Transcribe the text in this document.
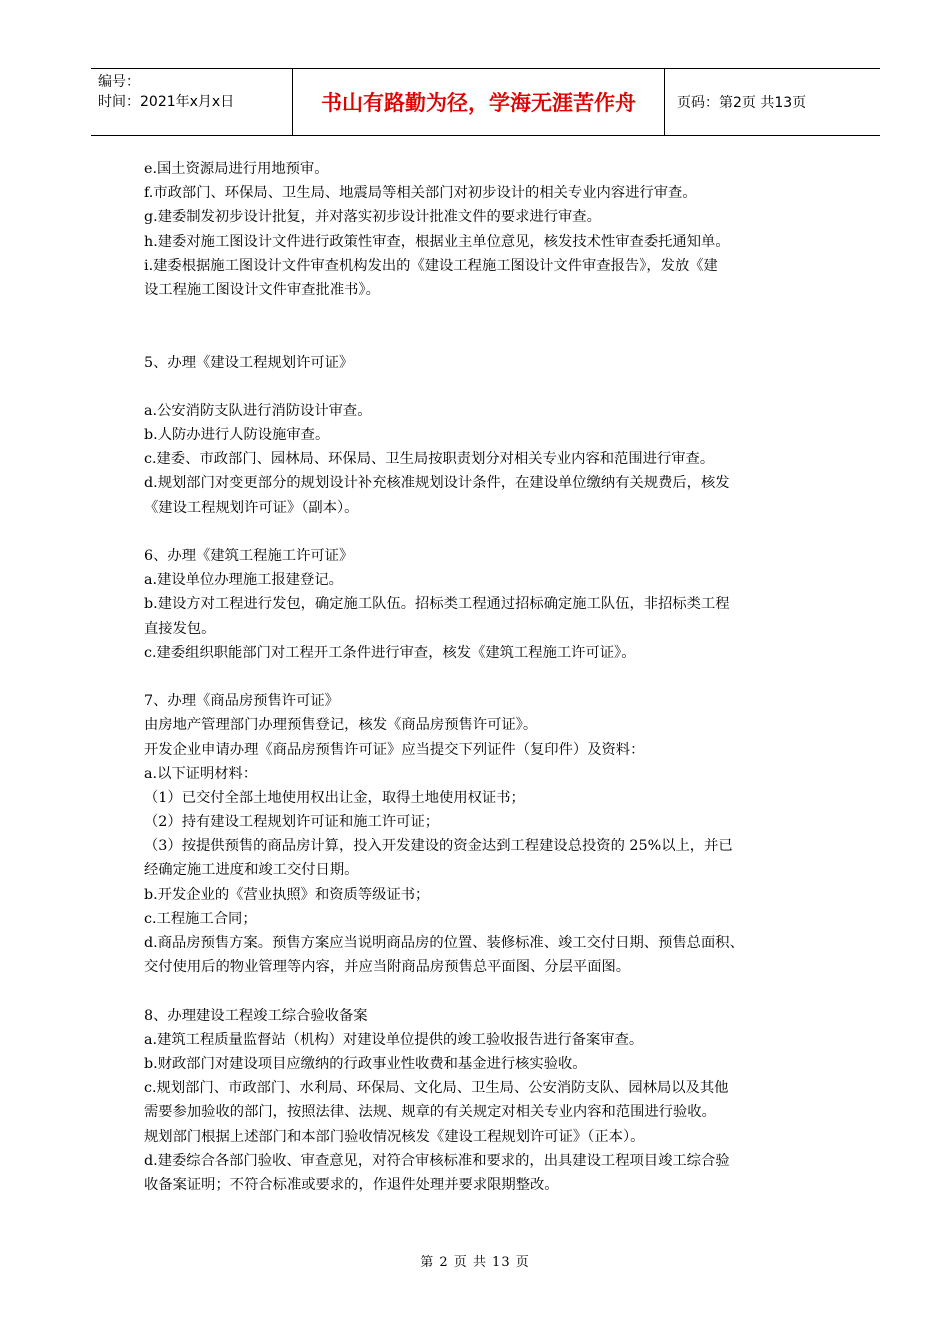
编号：
时间：2021年x月x日	书山有路勤为径，学海无涯苦作舟	页码：第2页 共13页
e.国土资源局进行用地预审。
f.市政部门、环保局、卫生局、地震局等相关部门对初步设计的相关专业内容进行审查。
g.建委制发初步设计批复，并对落实初步设计批准文件的要求进行审查。
h.建委对施工图设计文件进行政策性审查，根据业主单位意见，核发技术性审查委托通知单。
i.建委根据施工图设计文件审查机构发出的《建设工程施工图设计文件审查报告》，发放《建
设工程施工图设计文件审查批准书》。
5、办理《建设工程规划许可证》
a.公安消防支队进行消防设计审查。
b.人防办进行人防设施审查。
c.建委、市政部门、园林局、环保局、卫生局按职责划分对相关专业内容和范围进行审查。
d.规划部门对变更部分的规划设计补充核准规划设计条件，在建设单位缴纳有关规费后，核发
《建设工程规划许可证》（副本）。
6、办理《建筑工程施工许可证》
a.建设单位办理施工报建登记。
b.建设方对工程进行发包，确定施工队伍。招标类工程通过招标确定施工队伍，非招标类工程
直接发包。
c.建委组织职能部门对工程开工条件进行审查，核发《建筑工程施工许可证》。
7、办理《商品房预售许可证》
由房地产管理部门办理预售登记，核发《商品房预售许可证》。
开发企业申请办理《商品房预售许可证》应当提交下列证件（复印件）及资料：
a.以下证明材料：
（1）已交付全部土地使用权出让金，取得土地使用权证书；
（2）持有建设工程规划许可证和施工许可证；
（3）按提供预售的商品房计算，投入开发建设的资金达到工程建设总投资的 25%以上，并已
经确定施工进度和竣工交付日期。
b.开发企业的《营业执照》和资质等级证书；
c.工程施工合同；
d.商品房预售方案。预售方案应当说明商品房的位置、装修标准、竣工交付日期、预售总面积、
交付使用后的物业管理等内容，并应当附商品房预售总平面图、分层平面图。
8、办理建设工程竣工综合验收备案
a.建筑工程质量监督站（机构）对建设单位提供的竣工验收报告进行备案审查。
b.财政部门对建设项目应缴纳的行政事业性收费和基金进行核实验收。
c.规划部门、市政部门、水利局、环保局、文化局、卫生局、公安消防支队、园林局以及其他
需要参加验收的部门，按照法律、法规、规章的有关规定对相关专业内容和范围进行验收。
规划部门根据上述部门和本部门验收情况核发《建设工程规划许可证》（正本）。
d.建委综合各部门验收、审查意见，对符合审核标准和要求的，出具建设工程项目竣工综合验
收备案证明；不符合标准或要求的，作退件处理并要求限期整改。
第 2 页 共 13 页
